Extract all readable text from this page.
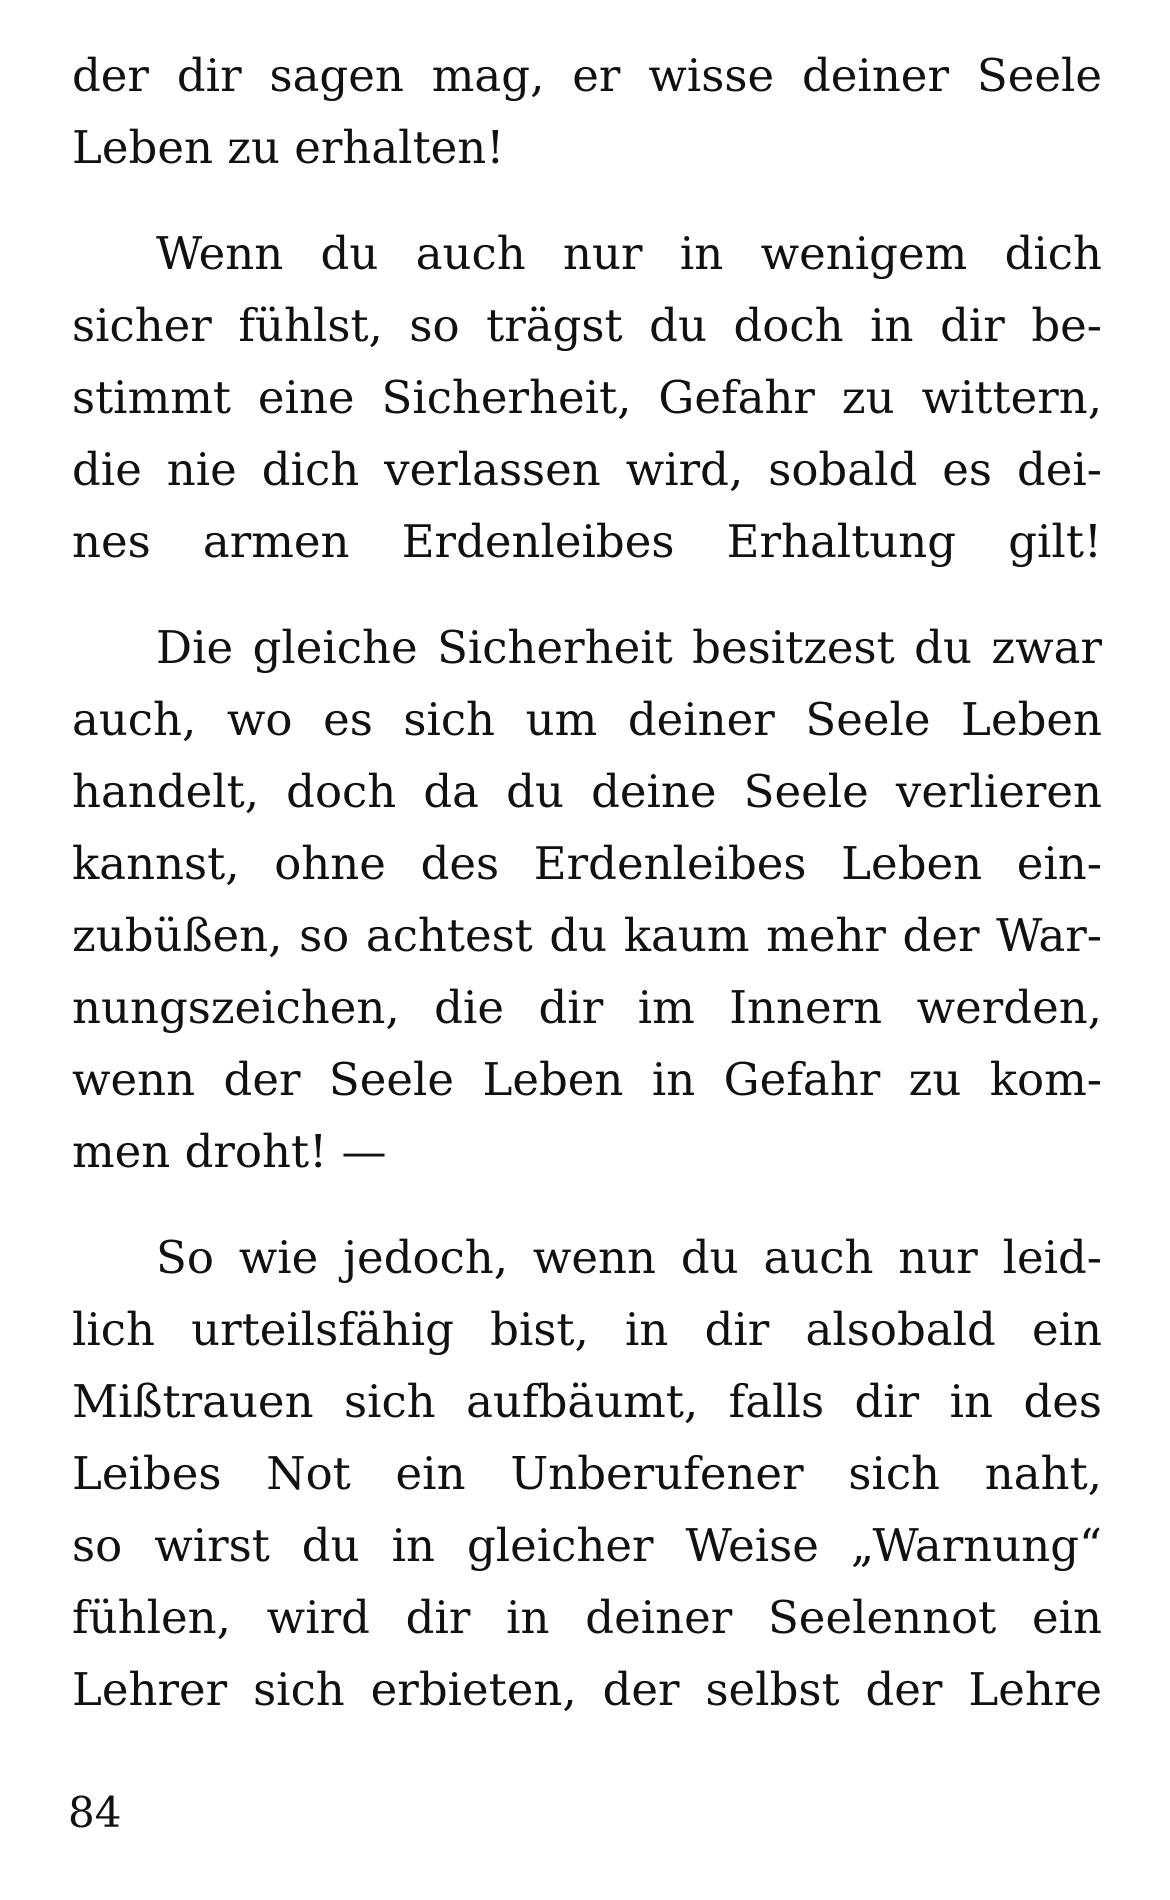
der dir sagen mag, er wisse deiner Seele
Leben zu erhalten!
Wenn du auch nur in wenigem dich
sicher fühlst, so trägst du doch in dir be-
stimmt eine Sicherheit, Gefahr zu wittern,
die nie dich verlassen wird, sobald es dei-
nes armen Erdenleibes Erhaltung gilt!
Die gleiche Sicherheit besitzest du zwar
auch, wo es sich um deiner Seele Leben
handelt, doch da du deine Seele verlieren
kannst, ohne des Erdenleibes Leben ein-
zubüßen, so achtest du kaum mehr der War-
nungszeichen, die dir im Innern werden,
wenn der Seele Leben in Gefahr zu kom-
men droht! —
So wie jedoch, wenn du auch nur leid-
lich urteilsfähig bist, in dir alsobald ein
Mißtrauen sich aufbäumt, falls dir in des
Leibes Not ein Unberufener sich naht,
so wirst du in gleicher Weise „Warnung“
fühlen, wird dir in deiner Seelennot ein
Lehrer sich erbieten, der selbst der Lehre
84
